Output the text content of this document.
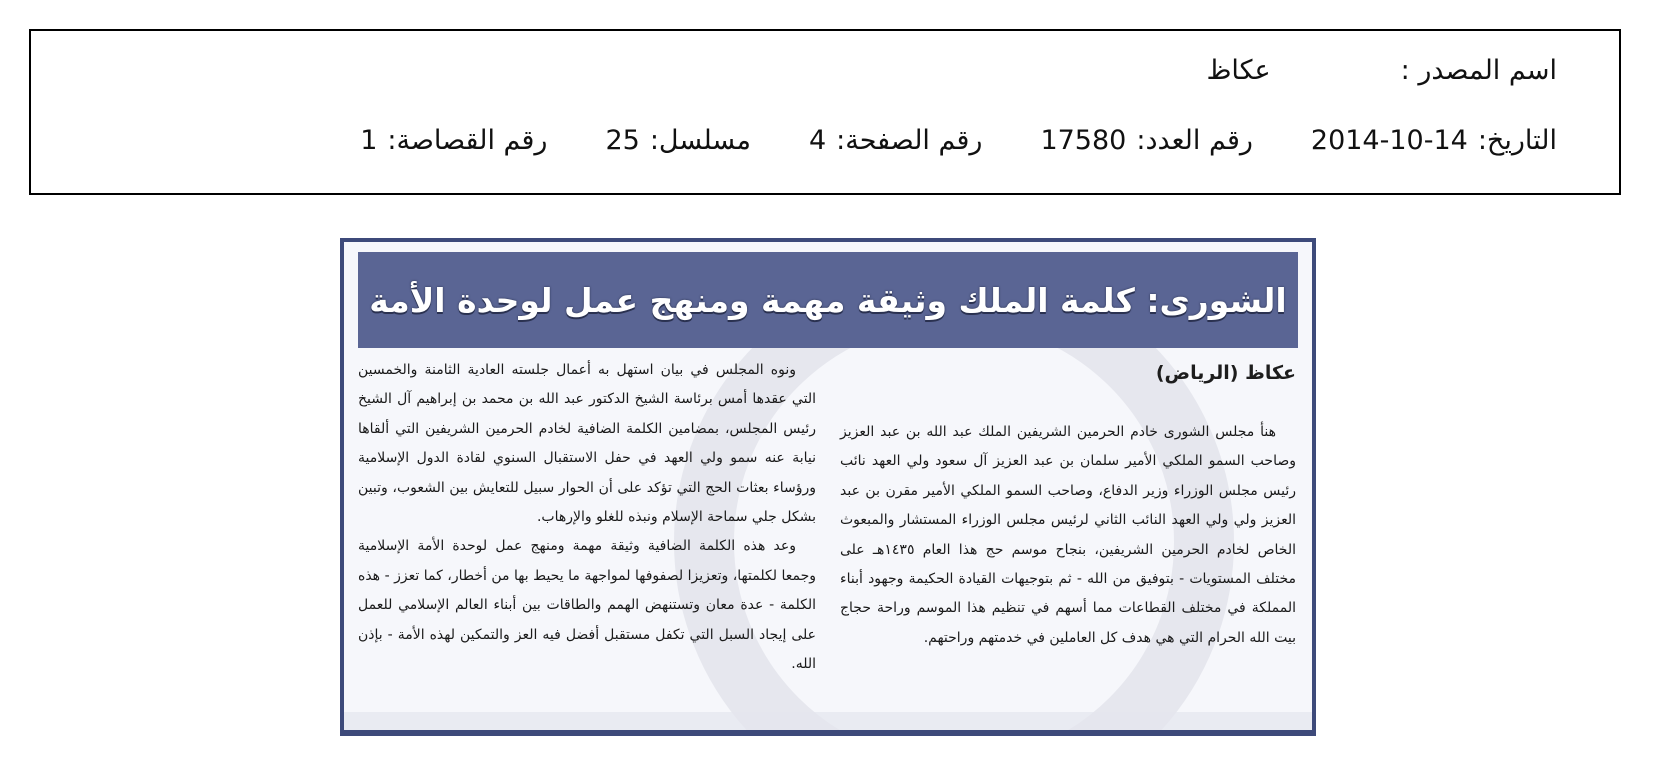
اسم المصدر :
عكاظ
التاريخ:
2014-10-14
رقم العدد:
17580
رقم الصفحة:
4
مسلسل:
25
رقم القصاصة:
1
الشورى: كلمة الملك وثيقة مهمة ومنهج عمل لوحدة الأمة
عكاظ (الرياض)

هنأ مجلس الشورى خادم الحرمين الشريفين الملك عبد الله بن عبد العزيز وصاحب السمو الملكي الأمير سلمان بن عبد العزيز آل سعود ولي العهد نائب رئيس مجلس الوزراء وزير الدفاع، وصاحب السمو الملكي الأمير مقرن بن عبد العزيز ولي ولي العهد النائب الثاني لرئيس مجلس الوزراء المستشار والمبعوث الخاص لخادم الحرمين الشريفين، بنجاح موسم حج هذا العام ١٤٣٥هـ على مختلف المستويات - بتوفيق من الله - ثم بتوجيهات القيادة الحكيمة وجهود أبناء المملكة في مختلف القطاعات مما أسهم في تنظيم هذا الموسم وراحة حجاج بيت الله الحرام التي هي هدف كل العاملين في خدمتهم وراحتهم.

ونوه المجلس في بيان استهل به أعمال جلسته العادية الثامنة والخمسين التي عقدها أمس برئاسة الشيخ الدكتور عبد الله بن محمد بن إبراهيم آل الشيخ رئيس المجلس، بمضامين الكلمة الضافية لخادم الحرمين الشريفين التي ألقاها نيابة عنه سمو ولي العهد في حفل الاستقبال السنوي لقادة الدول الإسلامية ورؤساء بعثات الحج التي تؤكد على أن الحوار سبيل للتعايش بين الشعوب، وتبين بشكل جلي سماحة الإسلام ونبذه للغلو والإرهاب.

وعد هذه الكلمة الضافية وثيقة مهمة ومنهج عمل لوحدة الأمة الإسلامية وجمعا لكلمتها، وتعزيزا لصفوفها لمواجهة ما يحيط بها من أخطار، كما تعزز - هذه الكلمة - عدة معان وتستنهض الهمم والطاقات بين أبناء العالم الإسلامي للعمل على إيجاد السبل التي تكفل مستقبل أفضل فيه العز والتمكين لهذه الأمة - بإذن الله.
